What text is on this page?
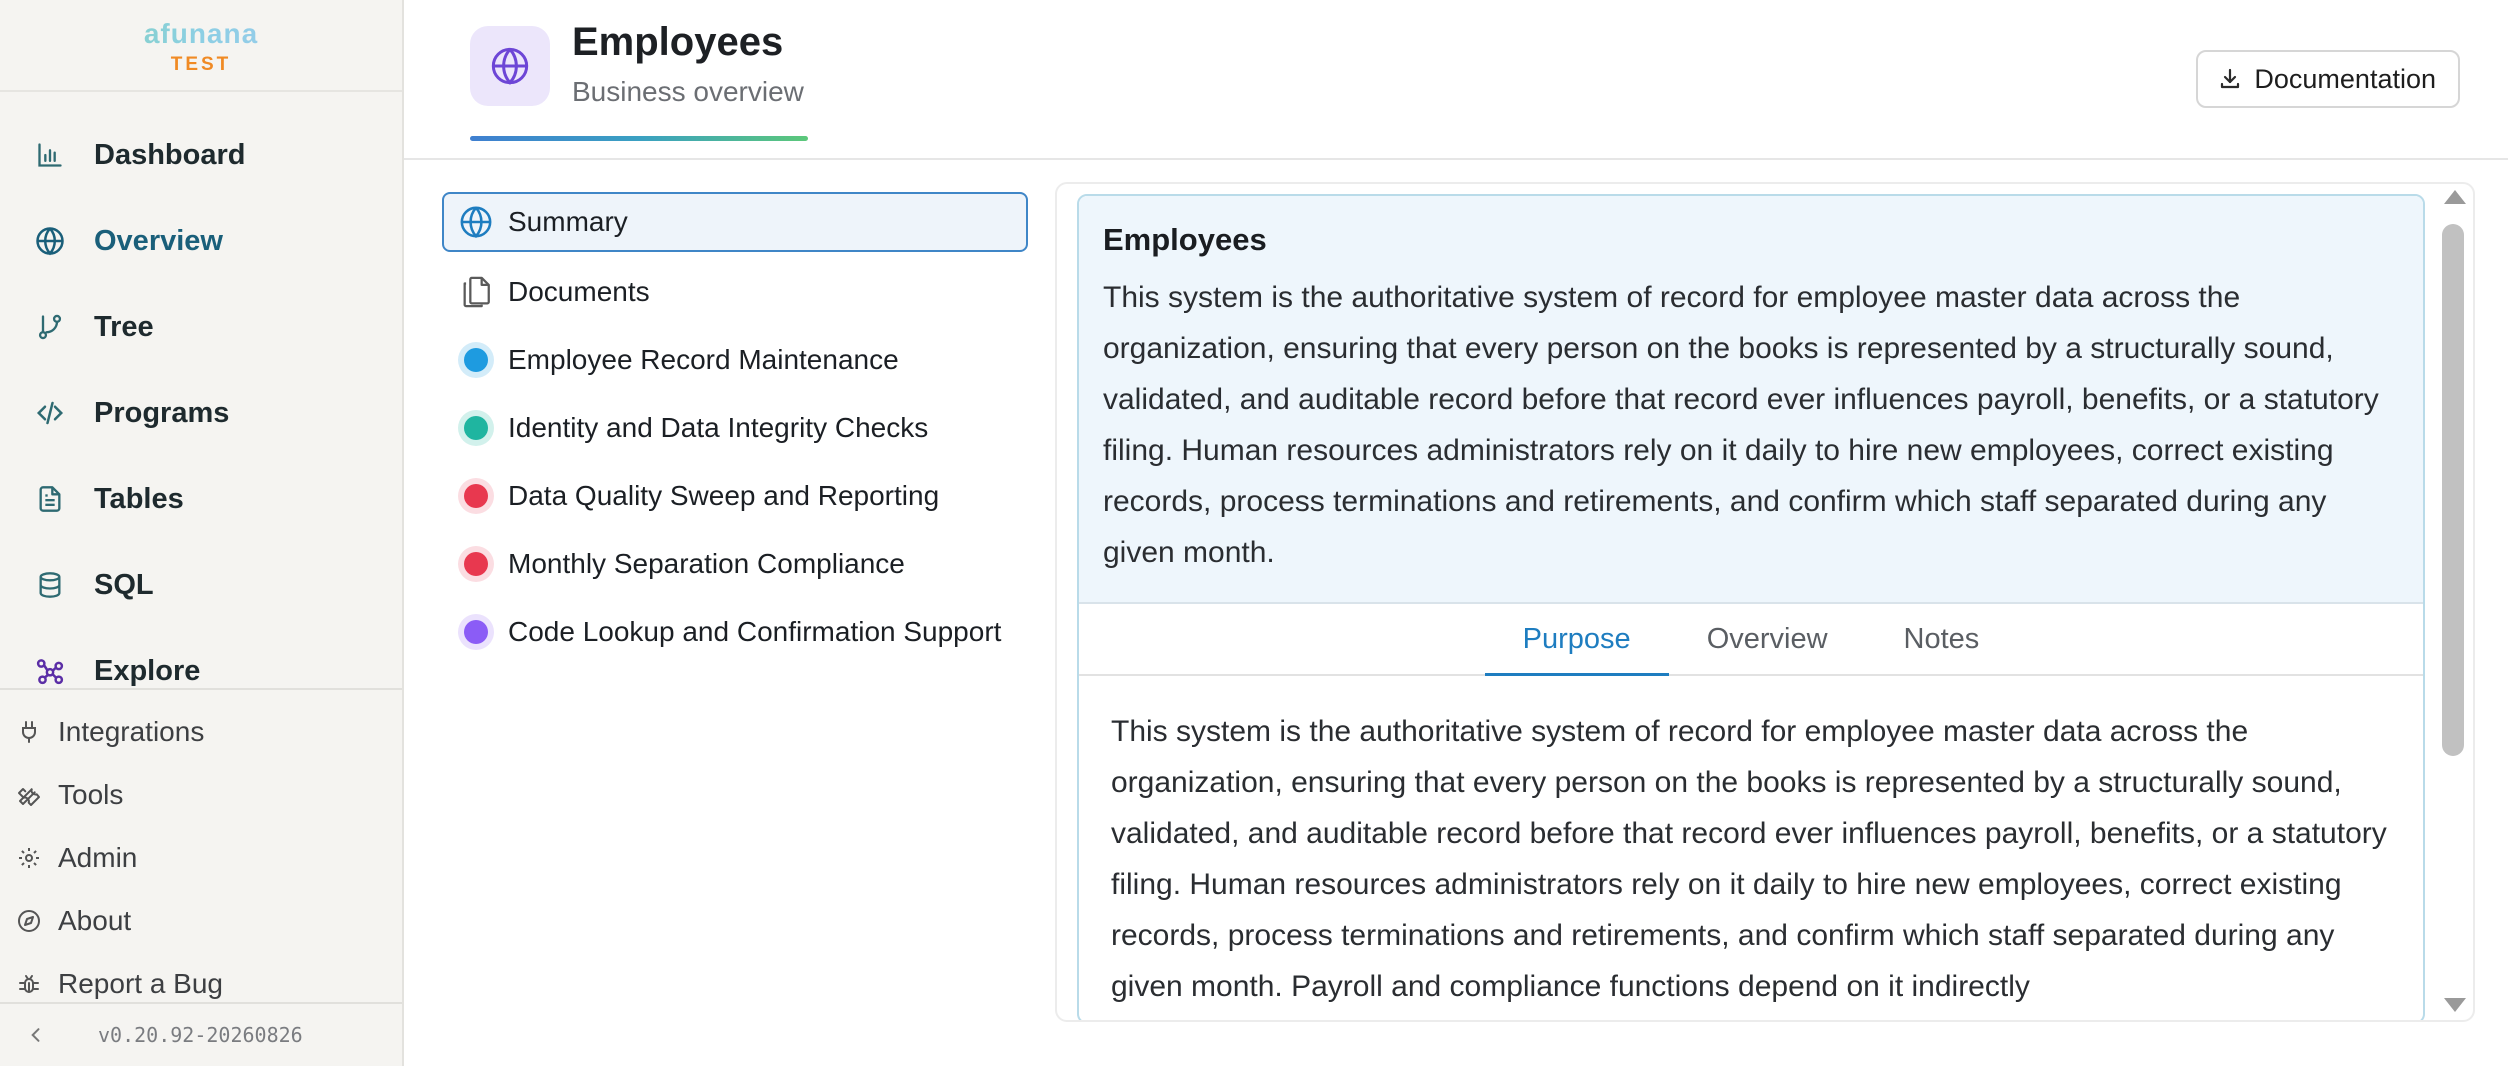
afunana
TEST
Dashboard
Overview
Tree
Programs
Tables
SQL
Explore
Integrations
Tools
Admin
About
Report a Bug
v0.20.92-20260826
Employees
Business overview	Documentation
Summary
Documents
Employee Record Maintenance
Identity and Data Integrity Checks
Data Quality Sweep and Reporting
Monthly Separation Compliance
Code Lookup and Confirmation Support
Employees
This system is the authoritative system of record for employee master data across the organization, ensuring that every person on the books is represented by a structurally sound, validated, and auditable record before that record ever influences payroll, benefits, or a statutory filing. Human resources administrators rely on it daily to hire new employees, correct existing records, process terminations and retirements, and confirm which staff separated during any given month.
Purpose	Overview	Notes
This system is the authoritative system of record for employee master data across the organization, ensuring that every person on the books is represented by a structurally sound, validated, and auditable record before that record ever influences payroll, benefits, or a statutory filing. Human resources administrators rely on it daily to hire new employees, correct existing records, process terminations and retirements, and confirm which staff separated during any given month. Payroll and compliance functions depend on it indirectly
